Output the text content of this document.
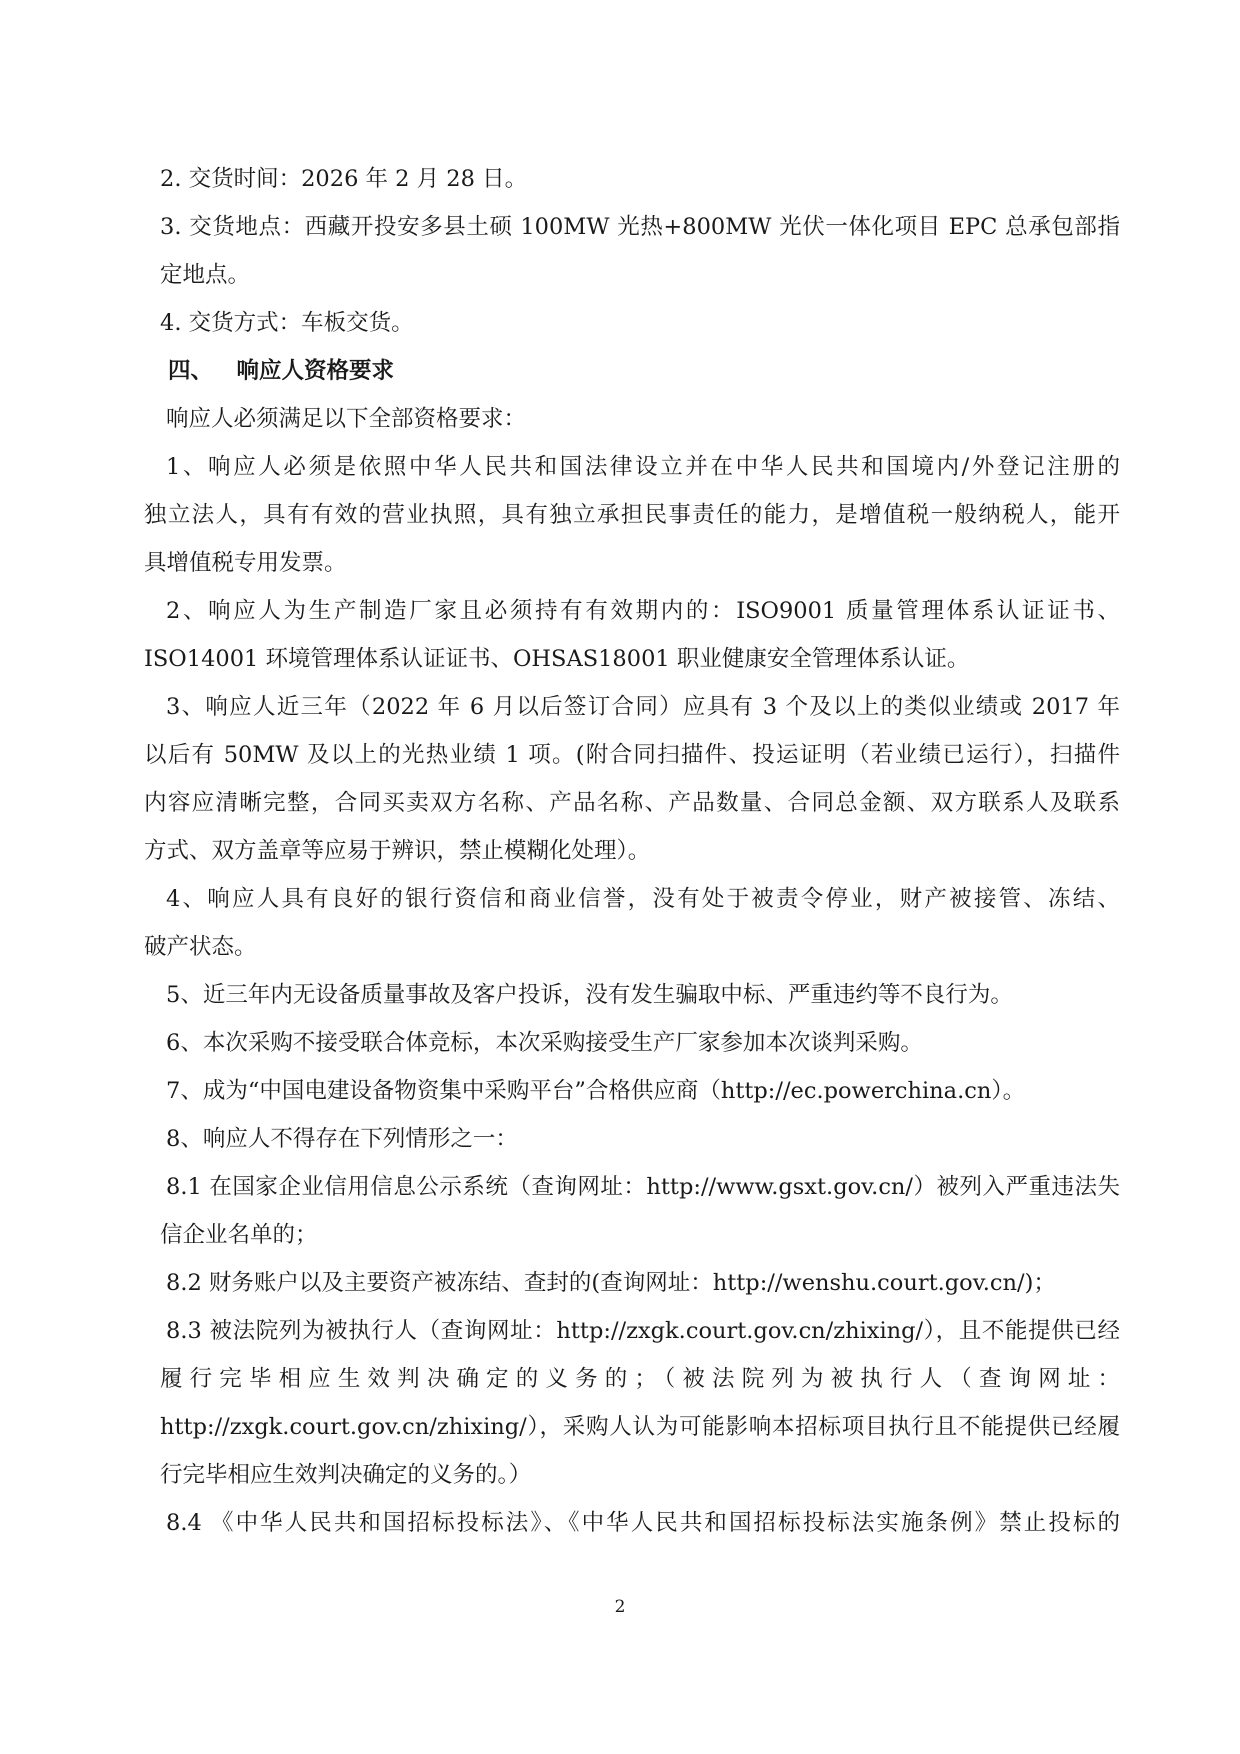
2. 交货时间：2026 年 2 月 28 日。
3. 交货地点：西藏开投安多县土硕 100MW 光热+800MW 光伏一体化项目 EPC 总承包部指
定地点。
4. 交货方式：车板交货。
四、   响应人资格要求
响应人必须满足以下全部资格要求：
1、响应人必须是依照中华人民共和国法律设立并在中华人民共和国境内/外登记注册的
独立法人，具有有效的营业执照，具有独立承担民事责任的能力，是增值税一般纳税人，能开
具增值税专用发票。
2、响应人为生产制造厂家且必须持有有效期内的：ISO9001 质量管理体系认证证书、
ISO14001 环境管理体系认证证书、OHSAS18001 职业健康安全管理体系认证。
3、响应人近三年（2022 年 6 月以后签订合同）应具有 3 个及以上的类似业绩或 2017 年
以后有 50MW 及以上的光热业绩 1 项。(附合同扫描件、投运证明（若业绩已运行），扫描件
内容应清晰完整，合同买卖双方名称、产品名称、产品数量、合同总金额、双方联系人及联系
方式、双方盖章等应易于辨识，禁止模糊化处理）。
4、响应人具有良好的银行资信和商业信誉，没有处于被责令停业，财产被接管、冻结、
破产状态。
5、近三年内无设备质量事故及客户投诉，没有发生骗取中标、严重违约等不良行为。
6、本次采购不接受联合体竞标，本次采购接受生产厂家参加本次谈判采购。
7、成为“中国电建设备物资集中采购平台”合格供应商（http://ec.powerchina.cn）。
8、响应人不得存在下列情形之一：
8.1 在国家企业信用信息公示系统（查询网址：http://www.gsxt.gov.cn/）被列入严重违法失
信企业名单的；
8.2 财务账户以及主要资产被冻结、查封的(查询网址：http://wenshu.court.gov.cn/)；
8.3 被法院列为被执行人（查询网址：http://zxgk.court.gov.cn/zhixing/），且不能提供已经
履行完毕相应生效判决确定的义务的；（被法院列为被执行人（查询网址：
http://zxgk.court.gov.cn/zhixing/），采购人认为可能影响本招标项目执行且不能提供已经履
行完毕相应生效判决确定的义务的。）
8.4 《中华人民共和国招标投标法》、《中华人民共和国招标投标法实施条例》禁止投标的
2
